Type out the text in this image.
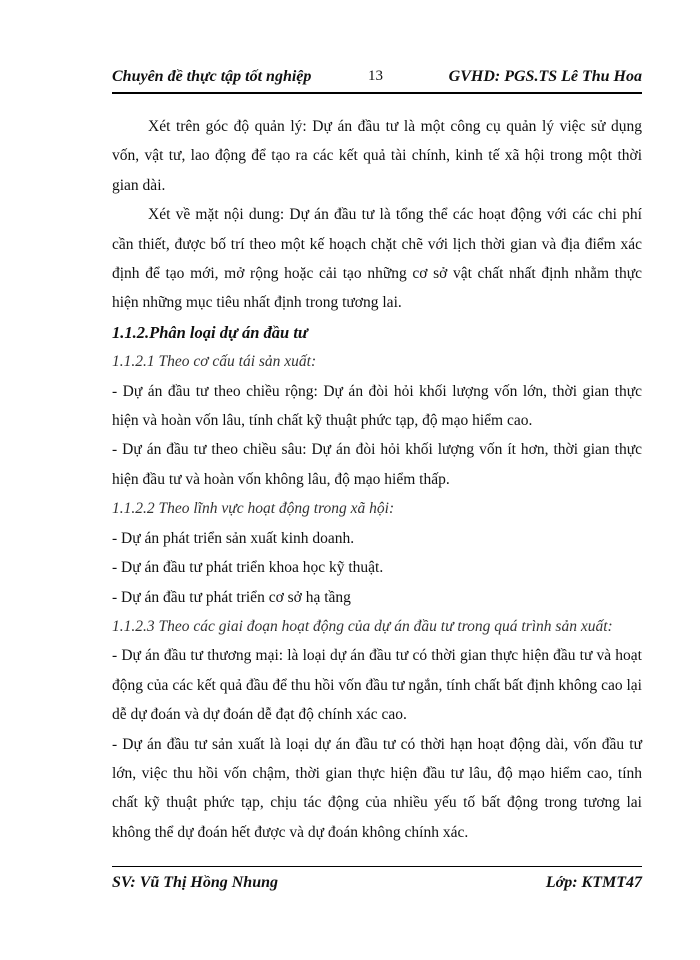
Chuyên đề thực tập tốt nghiệp	13	GVHD: PGS.TS Lê Thu Hoa

Xét trên góc độ quản lý: Dự án đầu tư là một công cụ quản lý việc sử dụng vốn, vật tư, lao động để tạo ra các kết quả tài chính, kinh tế xã hội trong một thời gian dài.

Xét về mặt nội dung: Dự án đầu tư là tổng thể các hoạt động với các chi phí cần thiết, được bố trí theo một kế hoạch chặt chẽ với lịch thời gian và địa điểm xác định để tạo mới, mở rộng hoặc cải tạo những cơ sở vật chất nhất định nhằm thực hiện những mục tiêu nhất định trong tương lai.

1.1.2.Phân loại dự án đầu tư

1.1.2.1 Theo cơ cấu tái sản xuất:

- Dự án đầu tư theo chiều rộng: Dự án đòi hỏi khối lượng vốn lớn, thời gian thực hiện và hoàn vốn lâu, tính chất kỹ thuật phức tạp, độ mạo hiểm cao.

- Dự án đầu tư theo chiều sâu: Dự án đòi hỏi khối lượng vốn ít hơn, thời gian thực hiện đầu tư và hoàn vốn không lâu, độ mạo hiểm thấp.

1.1.2.2 Theo lĩnh vực hoạt động trong xã hội:

- Dự án phát triển sản xuất kinh doanh.

- Dự án đầu tư phát triển khoa học kỹ thuật.

- Dự án đầu tư phát triển cơ sở hạ tầng

1.1.2.3 Theo các giai đoạn hoạt động của dự án đầu tư trong quá trình sản xuất:

- Dự án đầu tư thương mại: là loại dự án đầu tư có thời gian thực hiện đầu tư và hoạt động của các kết quả đầu để thu hồi vốn đầu tư ngắn, tính chất bất định không cao lại dễ dự đoán và dự đoán dễ đạt độ chính xác cao.

- Dự án đầu tư sản xuất là loại dự án đầu tư có thời hạn hoạt động dài, vốn đầu tư lớn, việc thu hồi vốn chậm, thời gian thực hiện đầu tư lâu, độ mạo hiểm cao, tính chất kỹ thuật phức tạp, chịu tác động của nhiều yếu tố bất động trong tương lai không thể dự đoán hết được và dự đoán không chính xác.

SV: Vũ Thị Hồng Nhung	Lớp: KTMT47
